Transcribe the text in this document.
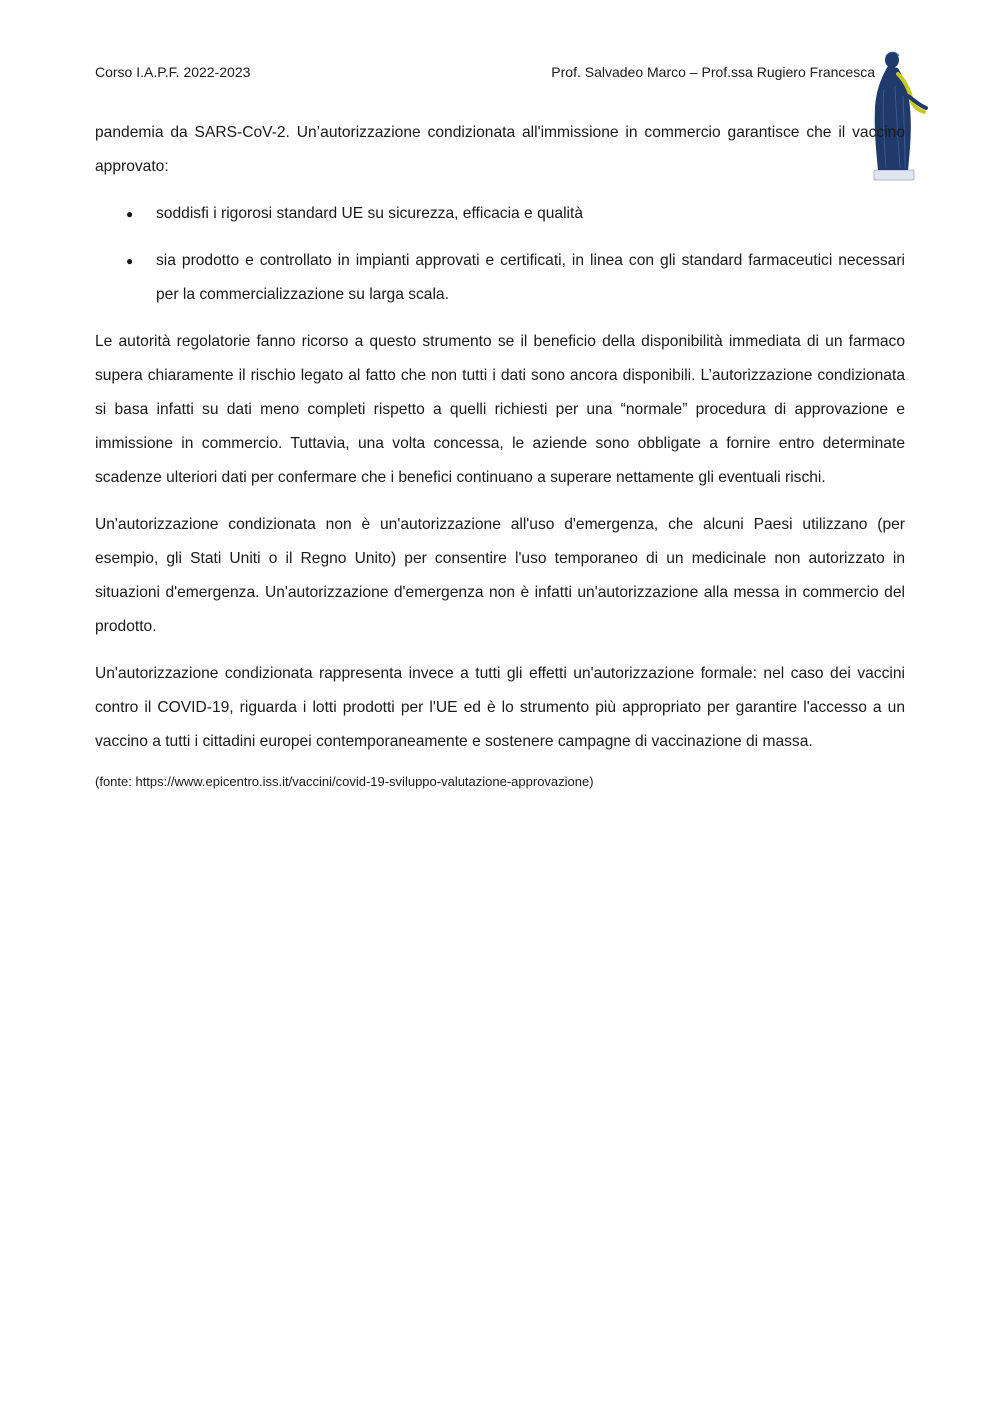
Corso I.A.P.F. 2022-2023	Prof. Salvadeo Marco – Prof.ssa Rugiero Francesca

pandemia da SARS-CoV-2. Un’autorizzazione condizionata all'immissione in commercio garantisce che il vaccino approvato:

● soddisfi i rigorosi standard UE su sicurezza, efficacia e qualità
● sia prodotto e controllato in impianti approvati e certificati, in linea con gli standard farmaceutici necessari per la commercializzazione su larga scala.

Le autorità regolatorie fanno ricorso a questo strumento se il beneficio della disponibilità immediata di un farmaco supera chiaramente il rischio legato al fatto che non tutti i dati sono ancora disponibili. L’autorizzazione condizionata si basa infatti su dati meno completi rispetto a quelli richiesti per una “normale” procedura di approvazione e immissione in commercio. Tuttavia, una volta concessa, le aziende sono obbligate a fornire entro determinate scadenze ulteriori dati per confermare che i benefici continuano a superare nettamente gli eventuali rischi.

Un'autorizzazione condizionata non è un'autorizzazione all'uso d'emergenza, che alcuni Paesi utilizzano (per esempio, gli Stati Uniti o il Regno Unito) per consentire l'uso temporaneo di un medicinale non autorizzato in situazioni d'emergenza. Un'autorizzazione d'emergenza non è infatti un'autorizzazione alla messa in commercio del prodotto.

Un'autorizzazione condizionata rappresenta invece a tutti gli effetti un'autorizzazione formale: nel caso dei vaccini contro il COVID-19, riguarda i lotti prodotti per l'UE ed è lo strumento più appropriato per garantire l'accesso a un vaccino a tutti i cittadini europei contemporaneamente e sostenere campagne di vaccinazione di massa.

(fonte: https://www.epicentro.iss.it/vaccini/covid-19-sviluppo-valutazione-approvazione)
